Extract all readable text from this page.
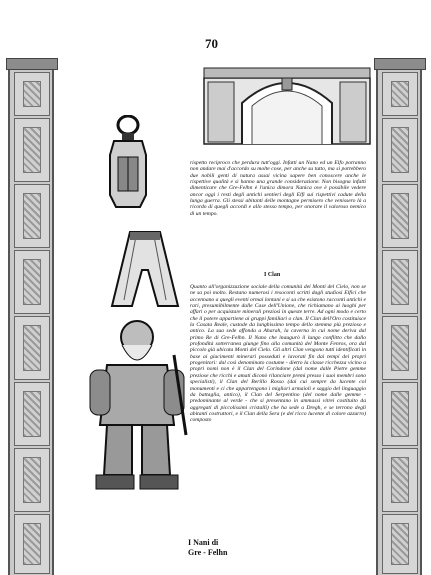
70

rispetto reciproco che perdura tutt'oggi. Infatti un Nano ed un Elfo potranno non andare mai d'accordo su molte cose, per anche su tutto, ma si potrebbero due nobili genti di natura assai vicina sapere ben conoscere anche le rispettive qualità e sì hanno una grande considerazione. Non bisogna infatti dimenticare che Gre-Felhn è l'unica dimora Nanica ove è possibile vedere ancor oggi i resti degli antichi sentieri degli Elfi sui rispettivi cadute della lunga guerra. Gli stessi abitanti delle montagne permisero che venissero là a ricordo di quegli accordi e allo stesso tempo, per onorare il valoroso nemico di un tempo.

I Clan

Quanto all'organizzazione sociale della comunità dei Monti del Cielo, non se ne sa poi molto. Restano numerosi i resoconti scritti dagli studiosi Elfici che accennano a quegli eventi ormai lontani e si sa che esistono racconti antichi e rari, presumibilmente dalle Case dell'Unione, che richiamano ai luoghi per affari o per acquistare minerali preziosi in queste terre. Ad ogni modo e certo che il potere appartiene ai gruppi familiari o clan. Il Clan dell'Oro costituisce la Casata Reale, custode da lunghissimo tempo dello stemma più prezioso e antico. La sua sede affonda a Aharah, la caverna in cui nome deriva dal primo Re di Gre-Felhn. Il Nano che inaugurò il lungo conflitto che dallo profondità sotterranea giunge fino alla comunità del Monte Fenros, ora dal piccolo già ubicata Monti del Cielo. Gli altri Clan vengono tutti identificati in base ai giacimenti minerari posseduti e lavorati fin dai tempi dei propri progenitori: dal così denominato costume - dietro la classe ricchezza vicino a propri nomi non è il Clan del Corindone (dal nome dalle Pietre gemme preziose che ricchi e amati diconò rilanciare premi presso i suoi membri sono specialisti), il Clan del Berillo Rosso (dai cui sempre da lucente col monumenti e ci che appartengono i migliori armaioli e saggio del linguaggio da battaglia, antico), il Clan del Serpentino (del nome dalle gemme - predominante al verde - che si presentano in ammassi vitrei costituito da aggregati di piccolissimi cristalli) che ha sede a Dregh, e se terrono degli abitanti costruttori, e il Clan della Sera (e del ricco lucente di colore azzurro) composto

I Nani di
Gre - Felhn
